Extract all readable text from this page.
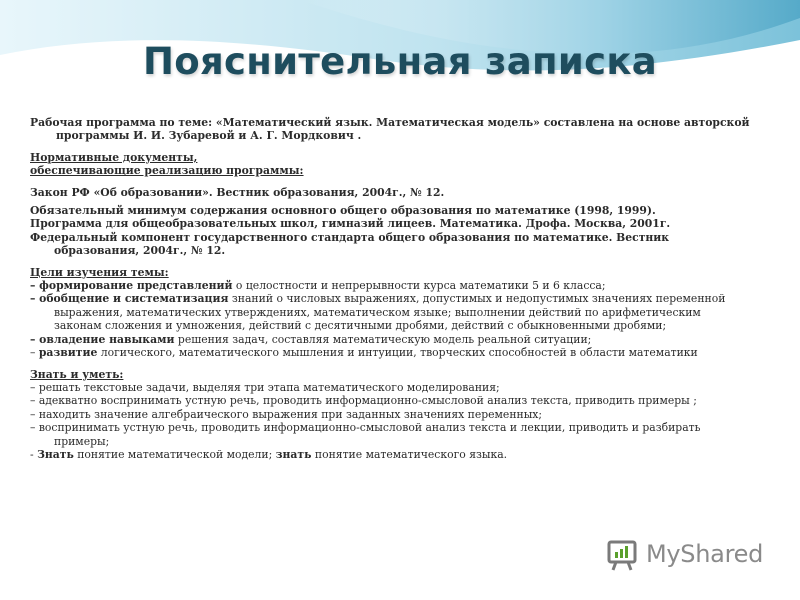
Пояснительная записка
Рабочая программа по теме: «Математический язык. Математическая модель» составлена на основе авторской
программы И. И. Зубаревой и А. Г. Мордкович .
Нормативные документы,
обеспечивающие реализацию программы:
Закон РФ «Об образовании». Вестник образования, 2004г., № 12.
Обязательный минимум содержания основного общего образования по математике (1998, 1999).
Программа для общеобразовательных школ, гимназий лицеев. Математика. Дрофа. Москва, 2001г.
Федеральный компонент государственного стандарта общего образования по математике. Вестник
образования, 2004г., № 12.
Цели изучения темы:
– формирование представлений о целостности и непрерывности курса математики 5 и 6 класса;
– обобщение и систематизация знаний о числовых выражениях, допустимых и недопустимых значениях переменной
выражения, математических утверждениях, математическом языке; выполнении действий по арифметическим
законам сложения и умножения, действий с десятичными дробями, действий с обыкновенными дробями;
– овладение навыками решения задач, составляя математическую модель реальной ситуации;
– развитие логического, математического мышления и интуиции, творческих способностей в области математики
Знать и уметь:
– решать текстовые задачи, выделяя три этапа математического моделирования;
– адекватно воспринимать устную речь, проводить информационно-смысловой анализ текста, приводить примеры ;
– находить значение алгебраического выражения при заданных значениях переменных;
– воспринимать устную речь, проводить информационно-смысловой анализ текста и лекции, приводить и разбирать
примеры;
- Знать понятие математической модели; знать понятие математического языка.
MyShared
